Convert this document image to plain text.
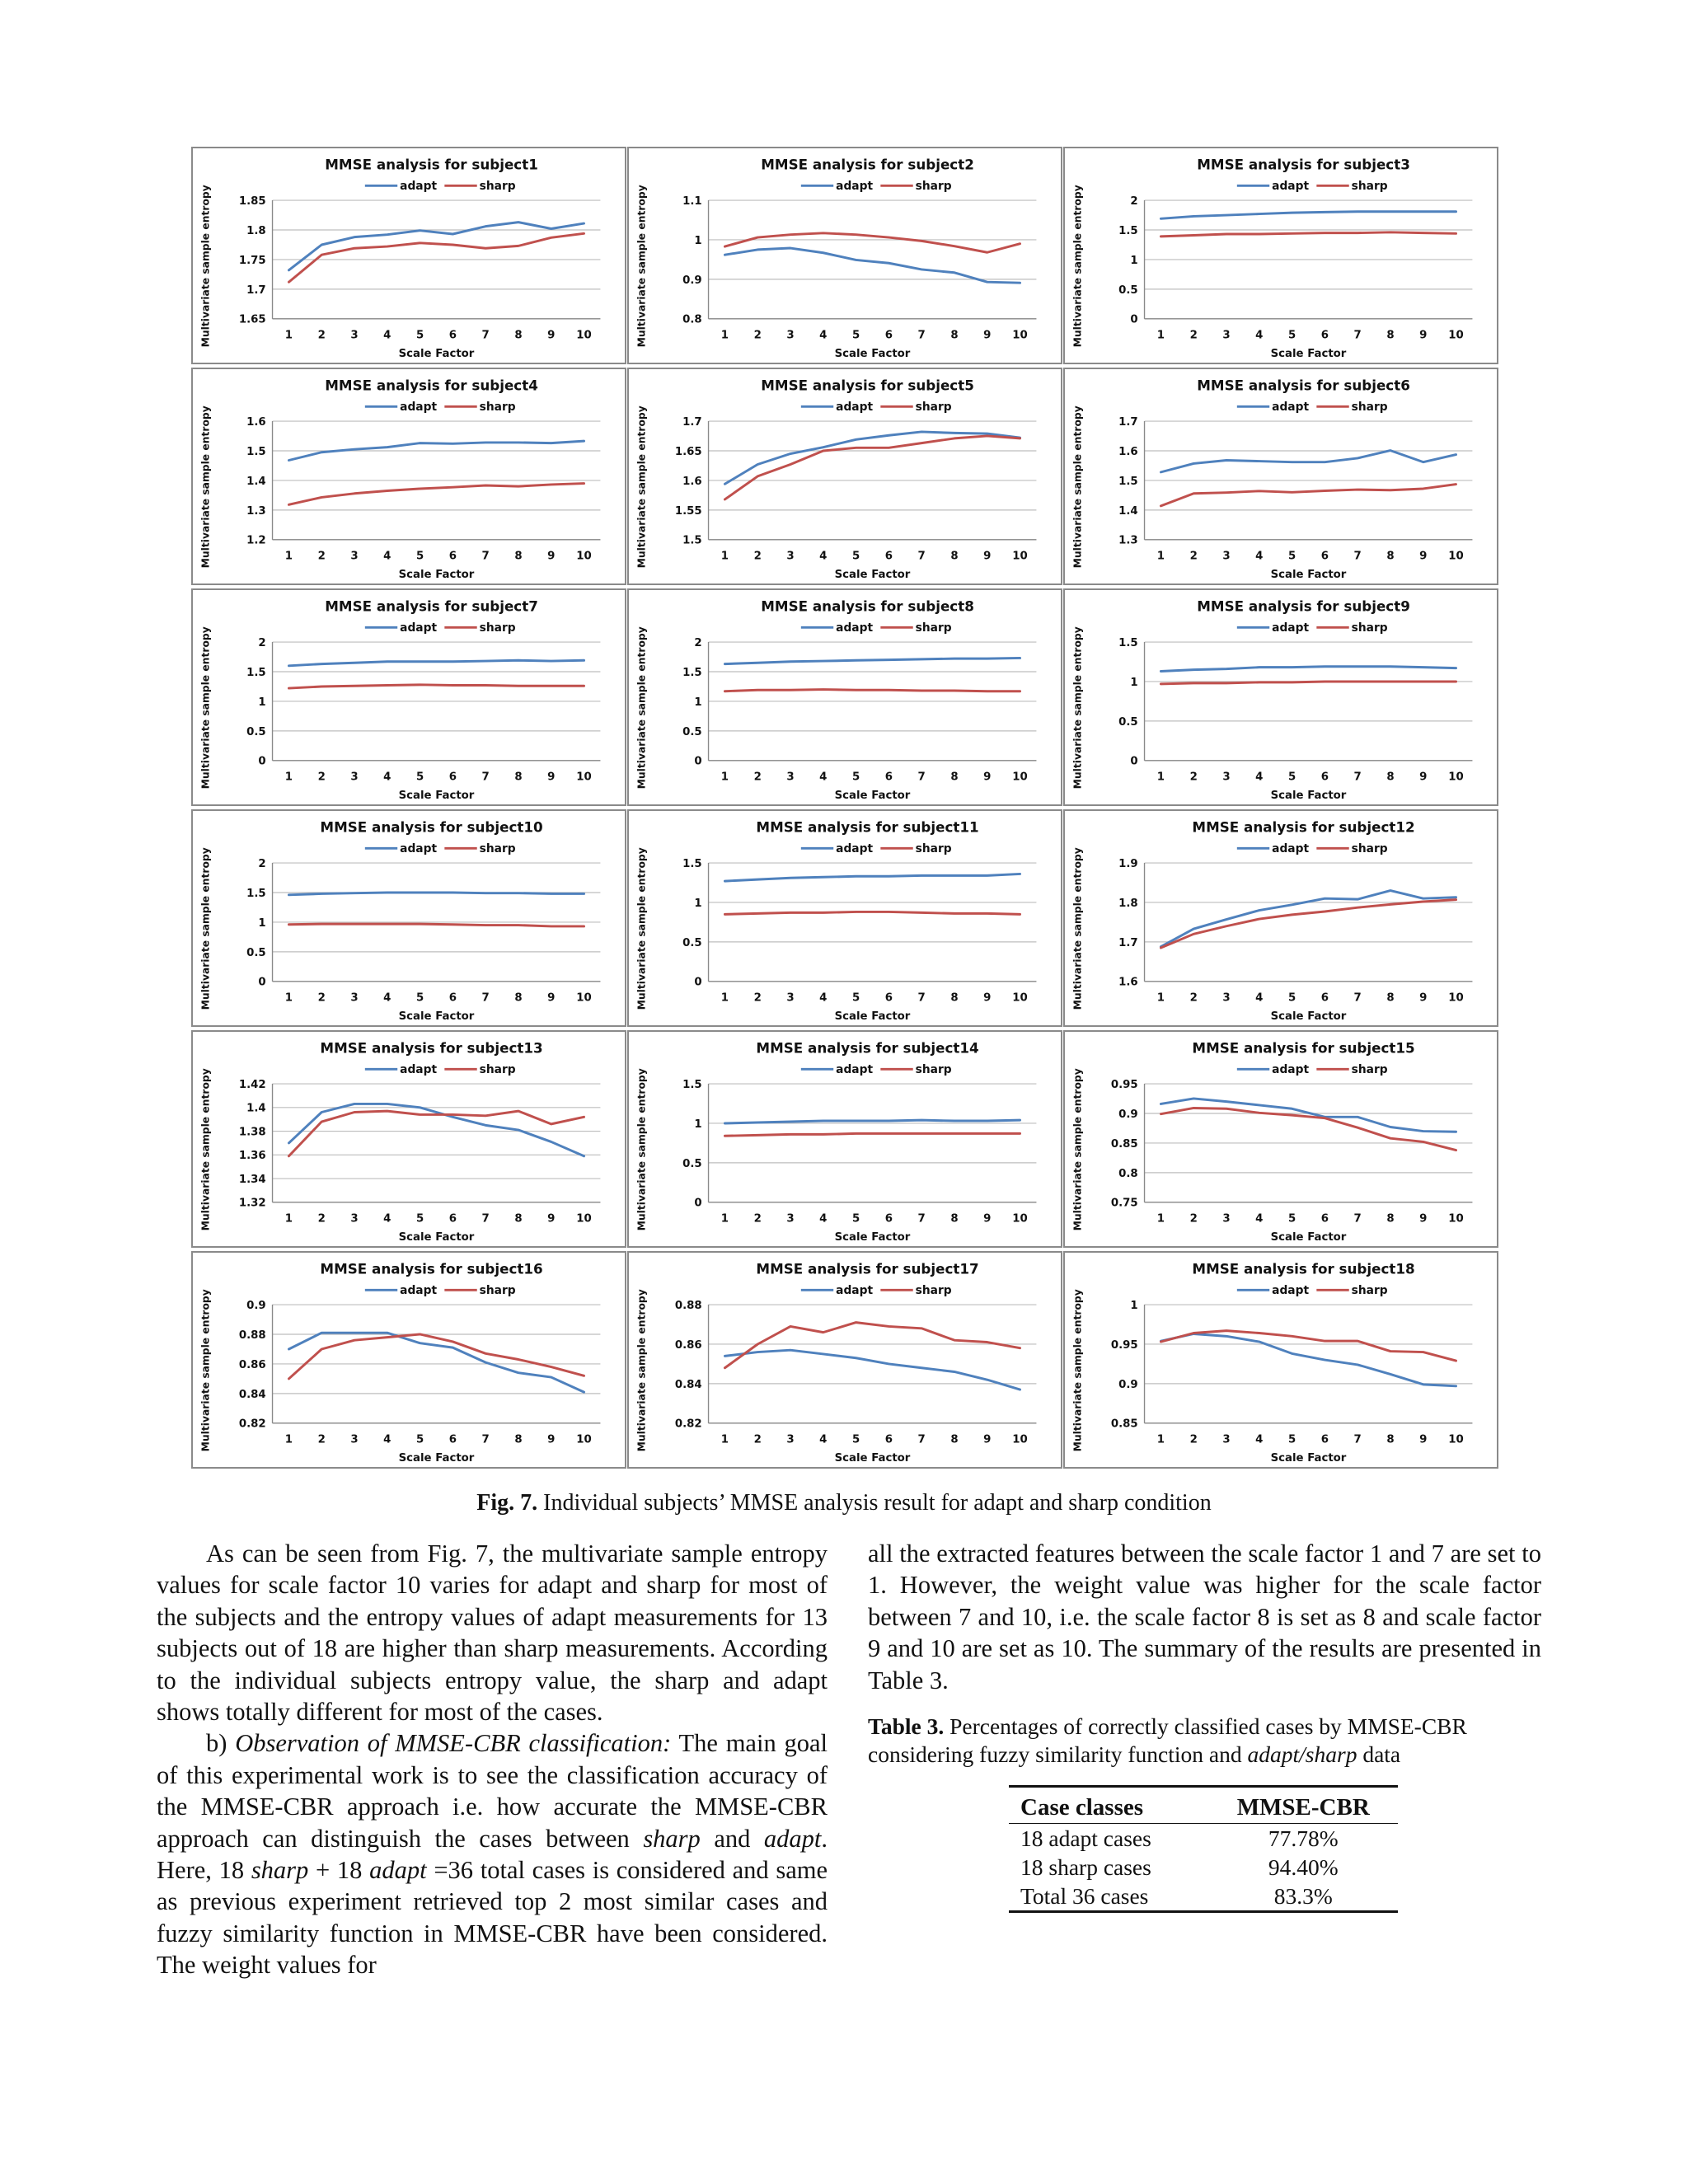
MMSE analysis for subject1
adapt	sharp
1.65
1.7
1.75
1.8
1.85
1 2 3 4 5 6 7 8 9 10
Scale Factor
Multivariate sample entropy
MMSE analysis for subject2
adapt	sharp
0.8
0.9
1
1.1
1 2 3 4 5 6 7 8 9 10
Scale Factor
Multivariate sample entropy
MMSE analysis for subject3
adapt	sharp
0
0.5
1
1.5
2
1 2 3 4 5 6 7 8 9 10
Scale Factor
Multivariate sample entropy
MMSE analysis for subject4
adapt	sharp
1.2
1.3
1.4
1.5
1.6
1 2 3 4 5 6 7 8 9 10
Scale Factor
Multivariate sample entropy
MMSE analysis for subject5
adapt	sharp
1.5
1.55
1.6
1.65
1.7
1 2 3 4 5 6 7 8 9 10
Scale Factor
Multivariate sample entropy
MMSE analysis for subject6
adapt	sharp
1.3
1.4
1.5
1.6
1.7
1 2 3 4 5 6 7 8 9 10
Scale Factor
Multivariate sample entropy
MMSE analysis for subject7
adapt	sharp
0
0.5
1
1.5
2
1 2 3 4 5 6 7 8 9 10
Scale Factor
Multivariate sample entropy
MMSE analysis for subject8
adapt	sharp
0
0.5
1
1.5
2
1 2 3 4 5 6 7 8 9 10
Scale Factor
Multivariate sample entropy
MMSE analysis for subject9
adapt	sharp
0
0.5
1
1.5
1 2 3 4 5 6 7 8 9 10
Scale Factor
Multivariate sample entropy
MMSE analysis for subject10
adapt	sharp
0
0.5
1
1.5
2
1 2 3 4 5 6 7 8 9 10
Scale Factor
Multivariate sample entropy
MMSE analysis for subject11
adapt	sharp
0
0.5
1
1.5
1 2 3 4 5 6 7 8 9 10
Scale Factor
Multivariate sample entropy
MMSE analysis for subject12
adapt	sharp
1.6
1.7
1.8
1.9
1 2 3 4 5 6 7 8 9 10
Scale Factor
Multivariate sample entropy
MMSE analysis for subject13
adapt	sharp
1.32
1.34
1.36
1.38
1.4
1.42
1 2 3 4 5 6 7 8 9 10
Scale Factor
Multivariate sample entropy
MMSE analysis for subject14
adapt	sharp
0
0.5
1
1.5
1 2 3 4 5 6 7 8 9 10
Scale Factor
Multivariate sample entropy
MMSE analysis for subject15
adapt	sharp
0.75
0.8
0.85
0.9
0.95
1 2 3 4 5 6 7 8 9 10
Scale Factor
Multivariate sample entropy
MMSE analysis for subject16
adapt	sharp
0.82
0.84
0.86
0.88
0.9
1 2 3 4 5 6 7 8 9 10
Scale Factor
Multivariate sample entropy
MMSE analysis for subject17
adapt	sharp
0.82
0.84
0.86
0.88
1 2 3 4 5 6 7 8 9 10
Scale Factor
Multivariate sample entropy
MMSE analysis for subject18
adapt	sharp
0.85
0.9
0.95
1
1 2 3 4 5 6 7 8 9 10
Scale Factor
Multivariate sample entropy
Fig. 7. Individual subjects’ MMSE analysis result for adapt and sharp condition

As can be seen from Fig. 7, the multivariate sample entropy values for scale factor 10 varies for adapt and sharp for most of the subjects and the entropy values of adapt measurements for 13 subjects out of 18 are higher than sharp measurements. According to the individual subjects entropy value, the sharp and adapt shows totally different for most of the cases.

b) Observation of MMSE-CBR classification: The main goal of this experimental work is to see the classification accuracy of the MMSE-CBR approach i.e. how accurate the MMSE-CBR approach can distinguish the cases between sharp and adapt. Here, 18 sharp + 18 adapt =36 total cases is considered and same as previous experiment retrieved top 2 most similar cases and fuzzy similarity function in MMSE-CBR have been considered. The weight values for

all the extracted features between the scale factor 1 and 7 are set to 1. However, the weight value was higher for the scale factor between 7 and 10, i.e. the scale factor 8 is set as 8 and scale factor 9 and 10 are set as 10. The summary of the results are presented in Table 3.

Table 3. Percentages of correctly classified cases by MMSE-CBR considering fuzzy similarity function and adapt/sharp data
Case classes	MMSE-CBR
18 adapt cases	77.78%
18 sharp cases	94.40%
Total 36 cases	83.3%
